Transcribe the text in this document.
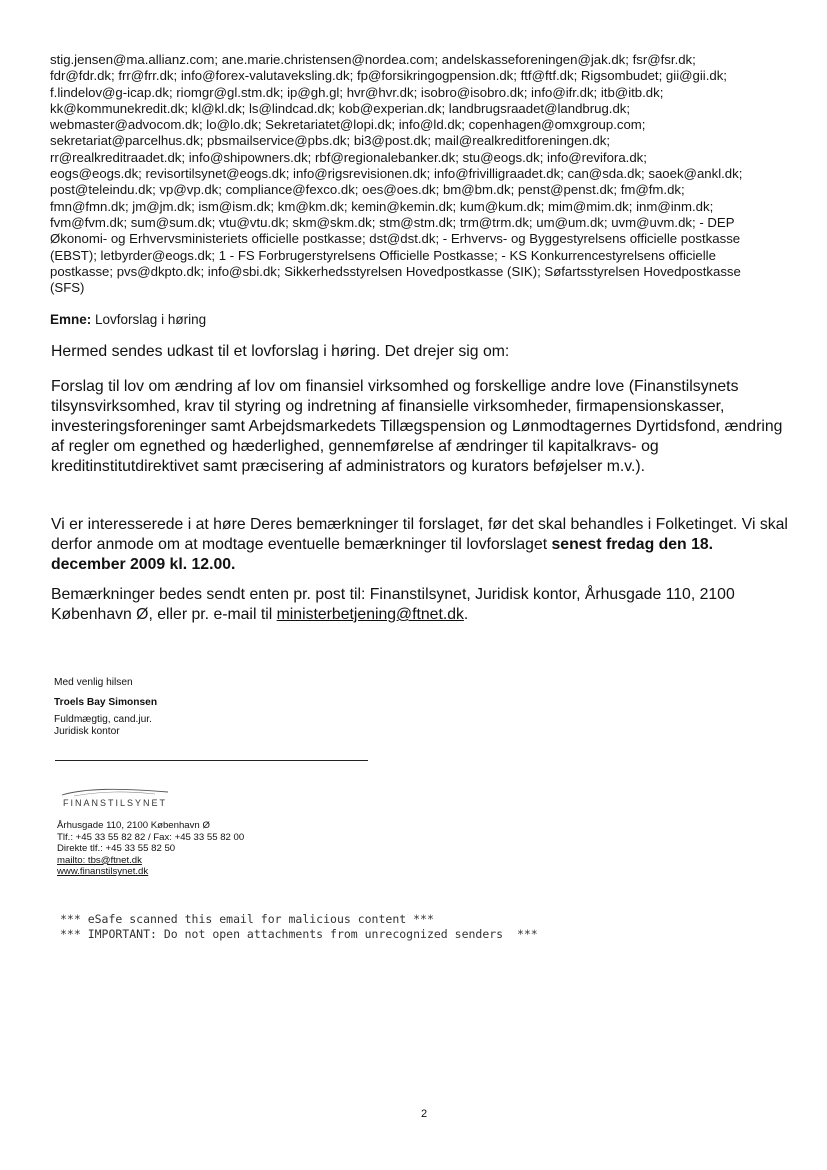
stig.jensen@ma.allianz.com; ane.marie.christensen@nordea.com; andelskasseforeningen@jak.dk; fsr@fsr.dk;
fdr@fdr.dk; frr@frr.dk; info@forex-valutaveksling.dk; fp@forsikringogpension.dk; ftf@ftf.dk; Rigsombudet; gii@gii.dk;
f.lindelov@g-icap.dk; riomgr@gl.stm.dk; ip@gh.gl; hvr@hvr.dk; isobro@isobro.dk; info@ifr.dk; itb@itb.dk;
kk@kommunekredit.dk; kl@kl.dk; ls@lindcad.dk; kob@experian.dk; landbrugsraadet@landbrug.dk;
webmaster@advocom.dk; lo@lo.dk; Sekretariatet@lopi.dk; info@ld.dk; copenhagen@omxgroup.com;
sekretariat@parcelhus.dk; pbsmailservice@pbs.dk; bi3@post.dk; mail@realkreditforeningen.dk;
rr@realkreditraadet.dk; info@shipowners.dk; rbf@regionalebanker.dk; stu@eogs.dk; info@revifora.dk;
eogs@eogs.dk; revisortilsynet@eogs.dk; info@rigsrevisionen.dk; info@frivilligraadet.dk; can@sda.dk; saoek@ankl.dk;
post@teleindu.dk; vp@vp.dk; compliance@fexco.dk; oes@oes.dk; bm@bm.dk; penst@penst.dk; fm@fm.dk;
fmn@fmn.dk; jm@jm.dk; ism@ism.dk; km@km.dk; kemin@kemin.dk; kum@kum.dk; mim@mim.dk; inm@inm.dk;
fvm@fvm.dk; sum@sum.dk; vtu@vtu.dk; skm@skm.dk; stm@stm.dk; trm@trm.dk; um@um.dk; uvm@uvm.dk; - DEP
Økonomi- og Erhvervsministeriets officielle postkasse; dst@dst.dk; - Erhvervs- og Byggestyrelsens officielle postkasse
(EBST); letbyrder@eogs.dk; 1 - FS Forbrugerstyrelsens Officielle Postkasse; - KS Konkurrencestyrelsens officielle
postkasse; pvs@dkpto.dk; info@sbi.dk; Sikkerhedsstyrelsen Hovedpostkasse (SIK); Søfartsstyrelsen Hovedpostkasse
(SFS)
Emne: Lovforslag i høring
Hermed sendes udkast til et lovforslag i høring. Det drejer sig om:
Forslag til lov om ændring af lov om finansiel virksomhed og forskellige andre love (Finanstilsynets tilsynsvirksomhed, krav til styring og indretning af finansielle virksomheder, firmapensionskasser, investeringsforeninger samt Arbejdsmarkedets Tillægspension og Lønmodtagernes Dyrtidsfond, ændring af regler om egnethed og hæderlighed, gennemførelse af ændringer til kapitalkravs- og kreditinstitutdirektivet samt præcisering af administrators og kurators beføjelser m.v.).
Vi er interesserede i at høre Deres bemærkninger til forslaget, før det skal behandles i Folketinget. Vi skal derfor anmode om at modtage eventuelle bemærkninger til lovforslaget senest fredag den 18. december 2009 kl. 12.00.
Bemærkninger bedes sendt enten pr. post til: Finanstilsynet, Juridisk kontor, Århusgade 110, 2100 København Ø, eller pr. e-mail til ministerbetjening@ftnet.dk.
Med venlig hilsen
Troels Bay Simonsen
Fuldmægtig, cand.jur.
Juridisk kontor
FINANSTILSYNET
Århusgade 110, 2100 København Ø
Tlf.: +45 33 55 82 82 / Fax: +45 33 55 82 00
Direkte tlf.: +45 33 55 82 50
mailto: tbs@ftnet.dk
www.finanstilsynet.dk
*** eSafe scanned this email for malicious content ***
*** IMPORTANT: Do not open attachments from unrecognized senders  ***
2
